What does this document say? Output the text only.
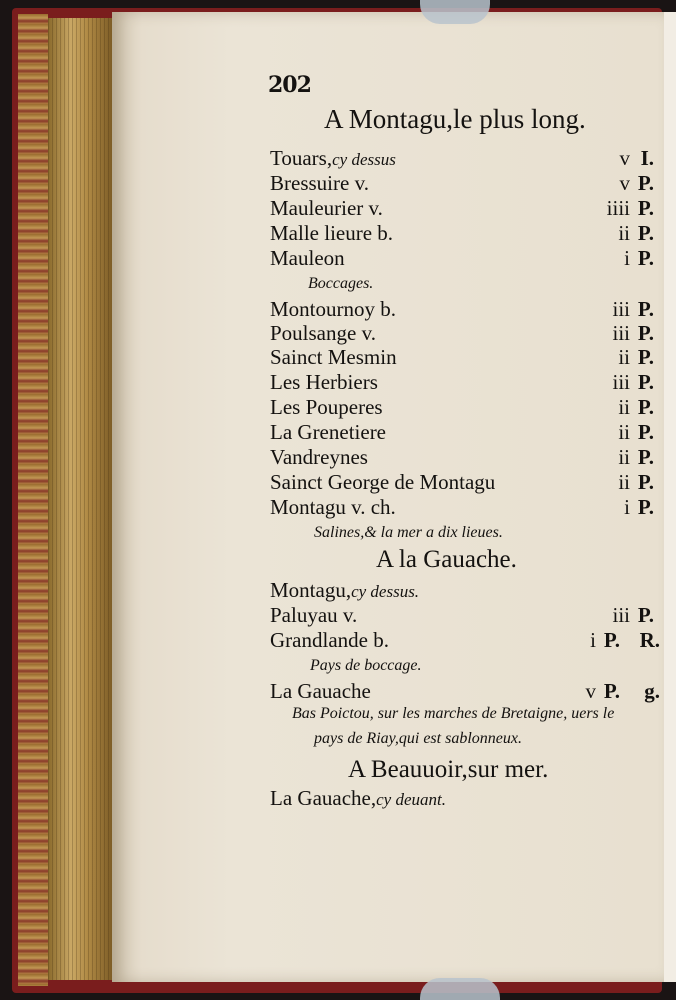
202
A Montagu,le plus long.
Touars,cy dessus	v I.
Bressuire v.	v P.
Mauleurier v.	iiii P.
Malle lieure b.	ii P.
Mauleon	i P.
Boccages.
Montournoy b.	iii P.
Poulsange v.	iii P.
Sainct Mesmin	ii P.
Les Herbiers	iii P.
Les Pouperes	ii P.
La Grenetiere	ii P.
Vandreynes	ii P.
Sainct George de Montagu	ii P.
Montagu v. ch.	i P.
Salines,& la mer a dix lieues.
A la Gauache.
Montagu,cy dessus.
Paluyau v.	iii P.
Grandlande b.	i P. R.
Pays de boccage.
La Gauache	v P. g.
Bas Poictou, sur les marches de Bretaigne, uers le
pays de Riay,qui est sablonneux.
A Beauuoir,sur mer.
La Gauache,cy deuant.
